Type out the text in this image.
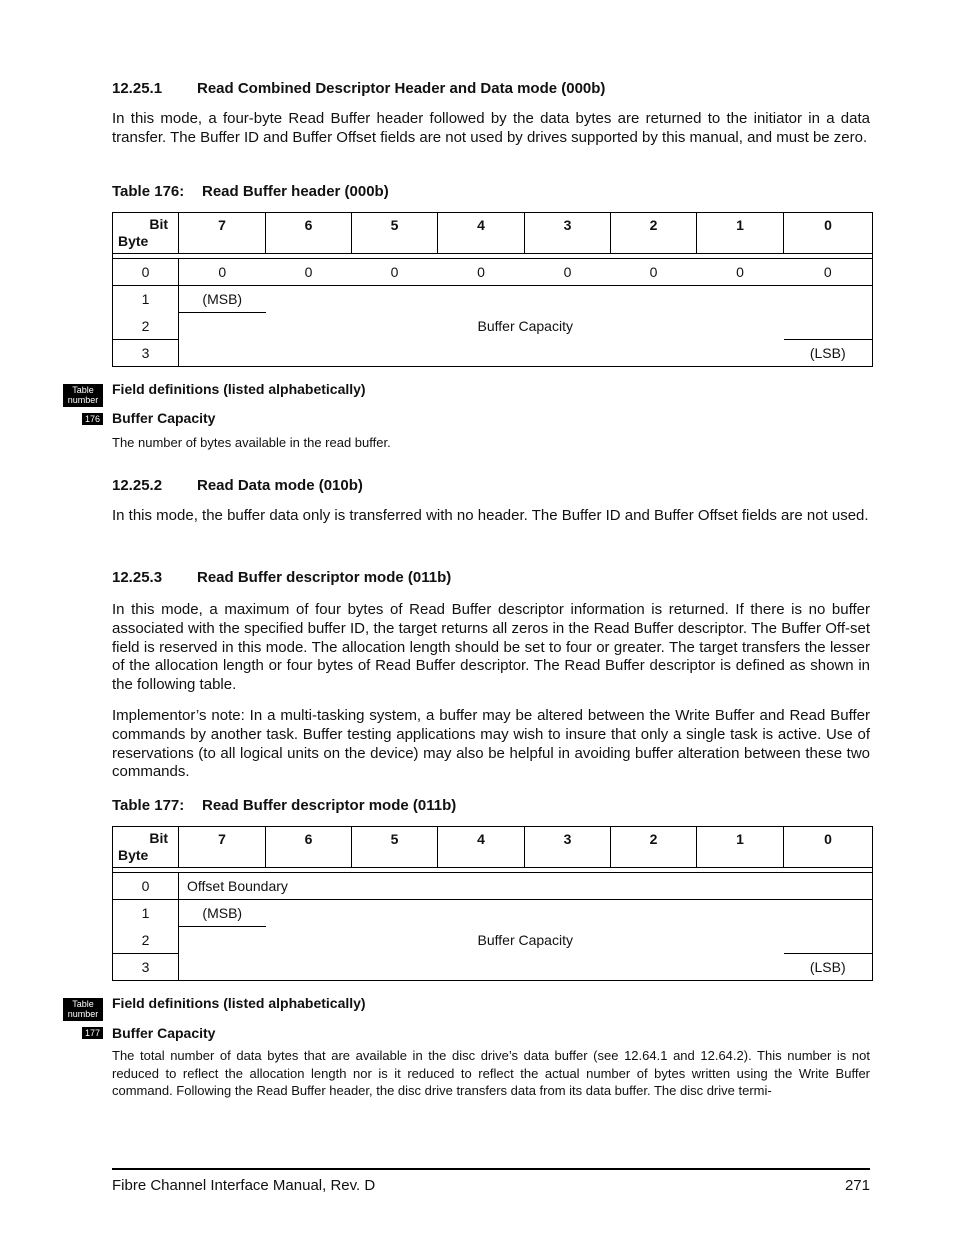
12.25.1 Read Combined Descriptor Header and Data mode (000b)
In this mode, a four-byte Read Buffer header followed by the data bytes are returned to the initiator in a data transfer. The Buffer ID and Buffer Offset fields are not used by drives supported by this manual, and must be zero.
Table 176: Read Buffer header (000b)
Bit
Byte	7	6	5	4	3	2	1	0

0	0	0	0	0	0	0	0	0
1	(MSB)							
2	Buffer Capacity							
3								(LSB)
Table
number
Field definitions (listed alphabetically)
176 Buffer Capacity
The number of bytes available in the read buffer.
12.25.2 Read Data mode (010b)
In this mode, the buffer data only is transferred with no header. The Buffer ID and Buffer Offset fields are not used.
12.25.3 Read Buffer descriptor mode (011b)
In this mode, a maximum of four bytes of Read Buffer descriptor information is returned. If there is no buffer associated with the specified buffer ID, the target returns all zeros in the Read Buffer descriptor. The Buffer Off-set field is reserved in this mode. The allocation length should be set to four or greater. The target transfers the lesser of the allocation length or four bytes of Read Buffer descriptor. The Read Buffer descriptor is defined as shown in the following table.
Implementor’s note: In a multi-tasking system, a buffer may be altered between the Write Buffer and Read Buffer commands by another task. Buffer testing applications may wish to insure that only a single task is active. Use of reservations (to all logical units on the device) may also be helpful in avoiding buffer alteration between these two commands.
Table 177: Read Buffer descriptor mode (011b)
Bit
Byte	7	6	5	4	3	2	1	0

0	Offset Boundary							
1	(MSB)							
2	Buffer Capacity							
3								(LSB)
Table
number
Field definitions (listed alphabetically)
177 Buffer Capacity
The total number of data bytes that are available in the disc drive’s data buffer (see 12.64.1 and 12.64.2). This number is not reduced to reflect the allocation length nor is it reduced to reflect the actual number of bytes written using the Write Buffer command. Following the Read Buffer header, the disc drive transfers data from its data buffer. The disc drive termi-
Fibre Channel Interface Manual, Rev. D	271
